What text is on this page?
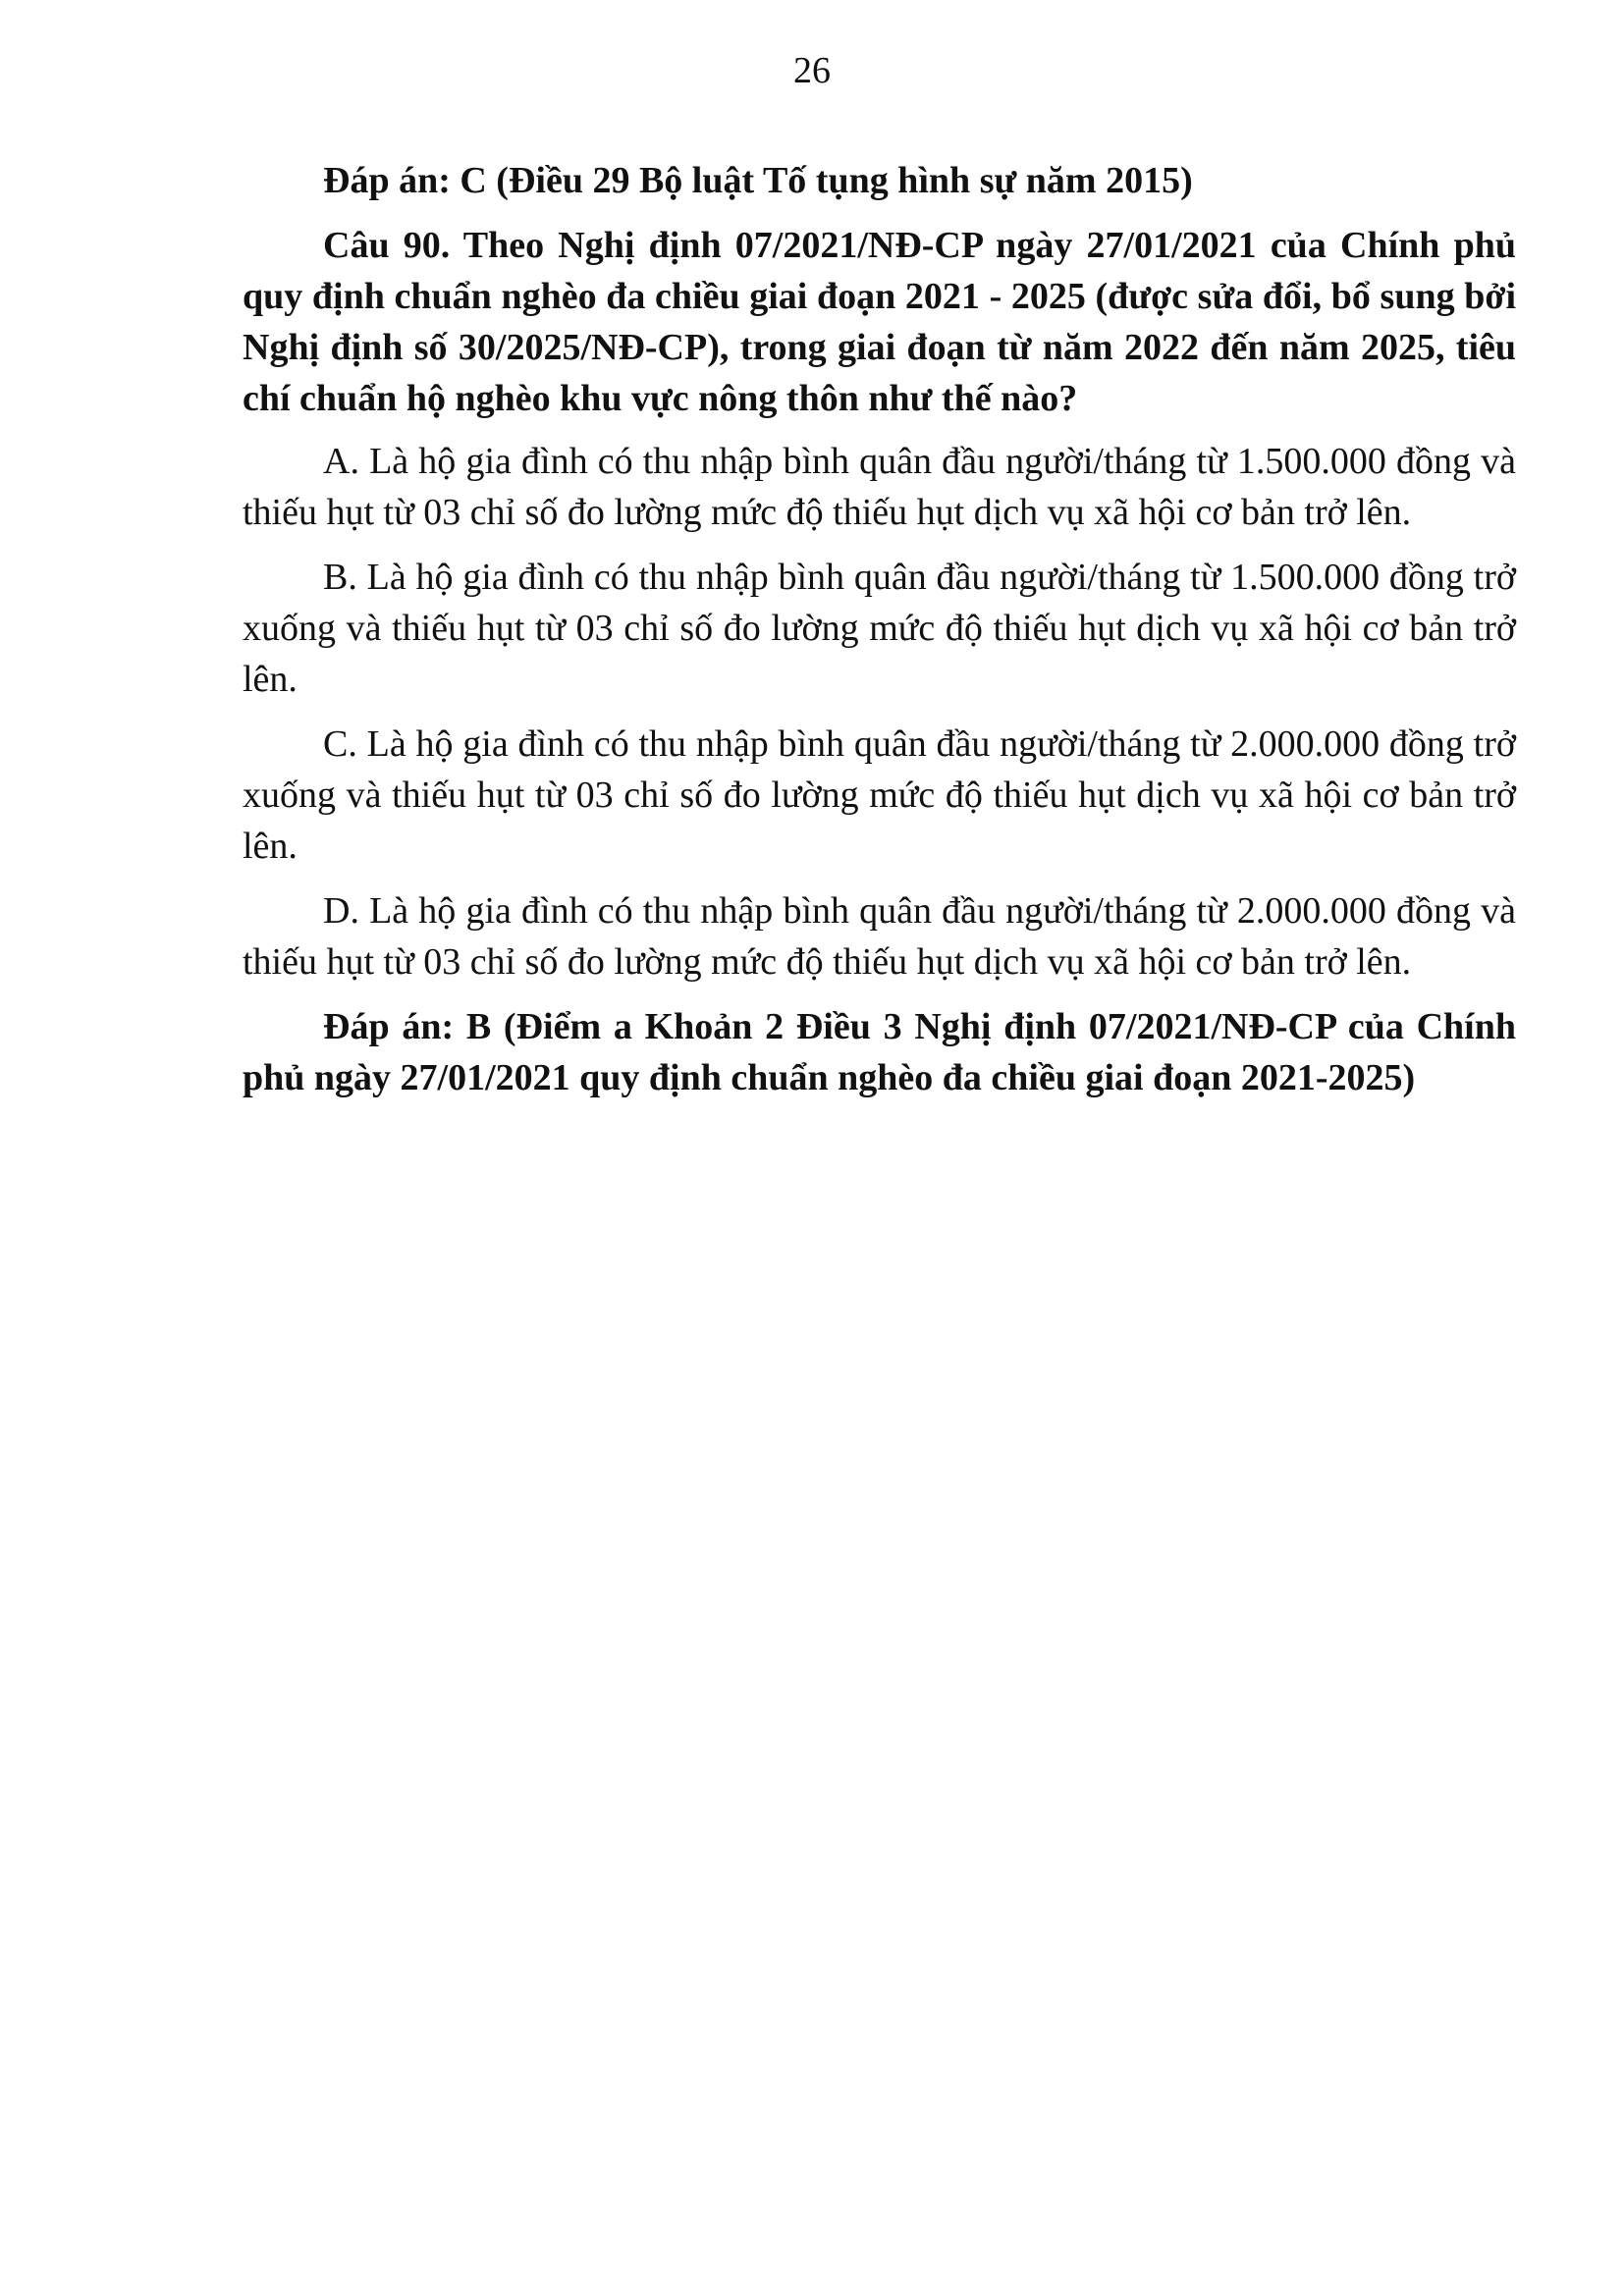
26

Đáp án: C (Điều 29 Bộ luật Tố tụng hình sự năm 2015)

Câu 90. Theo Nghị định 07/2021/NĐ-CP ngày 27/01/2021 của Chính phủ quy định chuẩn nghèo đa chiều giai đoạn 2021 - 2025 (được sửa đổi, bổ sung bởi Nghị định số 30/2025/NĐ-CP), trong giai đoạn từ năm 2022 đến năm 2025, tiêu chí chuẩn hộ nghèo khu vực nông thôn như thế nào?

A. Là hộ gia đình có thu nhập bình quân đầu người/tháng từ 1.500.000 đồng và thiếu hụt từ 03 chỉ số đo lường mức độ thiếu hụt dịch vụ xã hội cơ bản trở lên.

B. Là hộ gia đình có thu nhập bình quân đầu người/tháng từ 1.500.000 đồng trở xuống và thiếu hụt từ 03 chỉ số đo lường mức độ thiếu hụt dịch vụ xã hội cơ bản trở lên.

C. Là hộ gia đình có thu nhập bình quân đầu người/tháng từ 2.000.000 đồng trở xuống và thiếu hụt từ 03 chỉ số đo lường mức độ thiếu hụt dịch vụ xã hội cơ bản trở lên.

D. Là hộ gia đình có thu nhập bình quân đầu người/tháng từ 2.000.000 đồng và thiếu hụt từ 03 chỉ số đo lường mức độ thiếu hụt dịch vụ xã hội cơ bản trở lên.

Đáp án: B (Điểm a Khoản 2 Điều 3 Nghị định 07/2021/NĐ-CP của Chính phủ ngày 27/01/2021 quy định chuẩn nghèo đa chiều giai đoạn 2021-2025)
